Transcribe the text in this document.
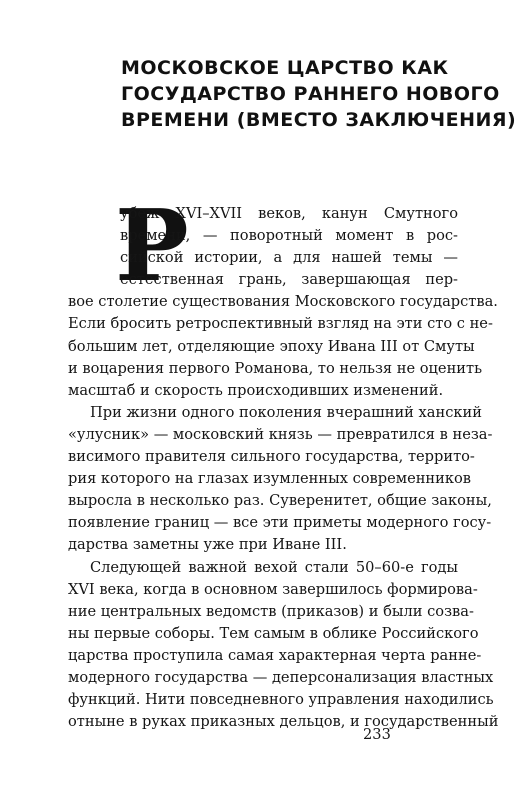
МОСКОВСКОЕ ЦАРСТВО КАК
ГОСУДАРСТВО РАННЕГО НОВОГО
ВРЕМЕНИ (ВМЕСТО ЗАКЛЮЧЕНИЯ)
Р
убеж XVI–XVII веков, канун Смутного
времени, — поворотный момент в рос-
сийской истории, а для нашей темы —
естественная грань, завершающая пер-
вое столетие существования Московского государства.
Если бросить ретроспективный взгляд на эти сто с не-
большим лет, отделяющие эпоху Ивана III от Смуты
и воцарения первого Романова, то нельзя не оценить
масштаб и скорость происходивших изменений.
При жизни одного поколения вчерашний ханский
«улусник» — московский князь — превратился в неза-
висимого правителя сильного государства, террито-
рия которого на глазах изумленных современников
выросла в несколько раз. Суверенитет, общие законы,
появление границ — все эти приметы модерного госу-
дарства заметны уже при Иване III.
Следующей важной вехой стали 50–60-е годы
XVI века, когда в основном завершилось формирова-
ние центральных ведомств (приказов) и были созва-
ны первые соборы. Тем самым в облике Российского
царства проступила самая характерная черта ранне-
модерного государства — деперсонализация властных
функций. Нити повседневного управления находились
отныне в руках приказных дельцов, и государственный
233
